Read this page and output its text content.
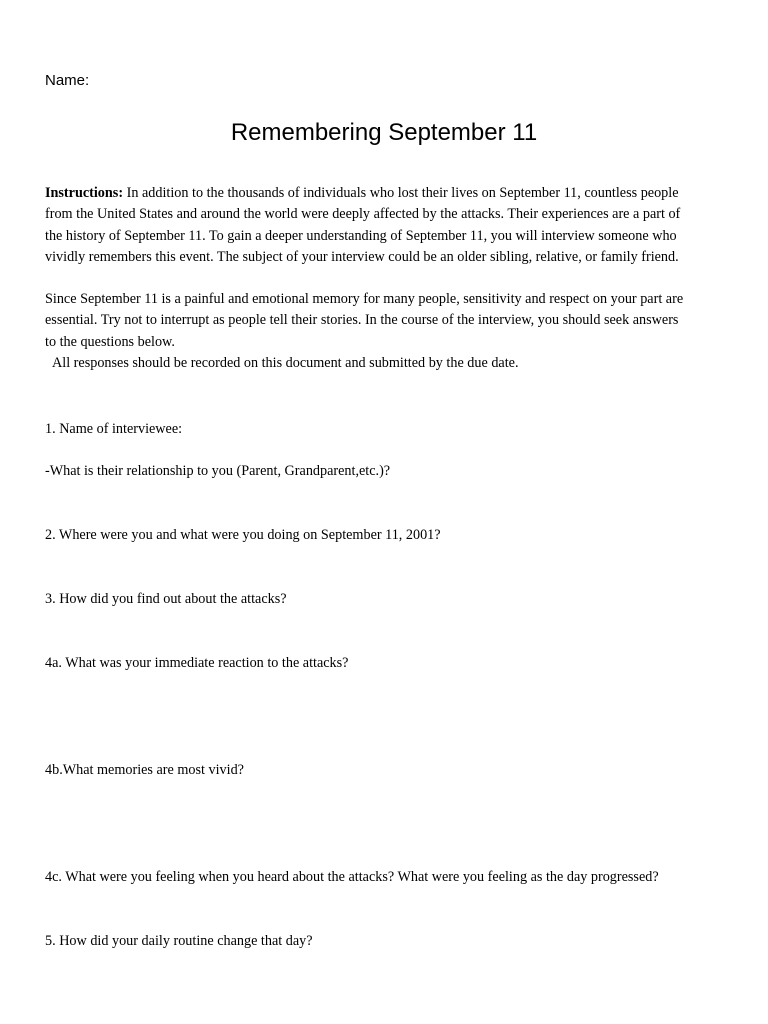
Name:
Remembering September 11
Instructions: In addition to the thousands of individuals who lost their lives on September 11, countless people
from the United States and around the world were deeply affected by the attacks. Their experiences are a part of
the history of September 11. To gain a deeper understanding of September 11, you will interview someone who
vividly remembers this event. The subject of your interview could be an older sibling, relative, or family friend.
Since September 11 is a painful and emotional memory for many people, sensitivity and respect on your part are
essential. Try not to interrupt as people tell their stories. In the course of the interview, you should seek answers
to the questions below.
All responses should be recorded on this document and submitted by the due date.
1. Name of interviewee:
-What is their relationship to you (Parent, Grandparent,etc.)?
2. Where were you and what were you doing on September 11, 2001?
3. How did you find out about the attacks?
4a. What was your immediate reaction to the attacks?
4b.What memories are most vivid?
4c. What were you feeling when you heard about the attacks? What were you feeling as the day progressed?
5. How did your daily routine change that day?
